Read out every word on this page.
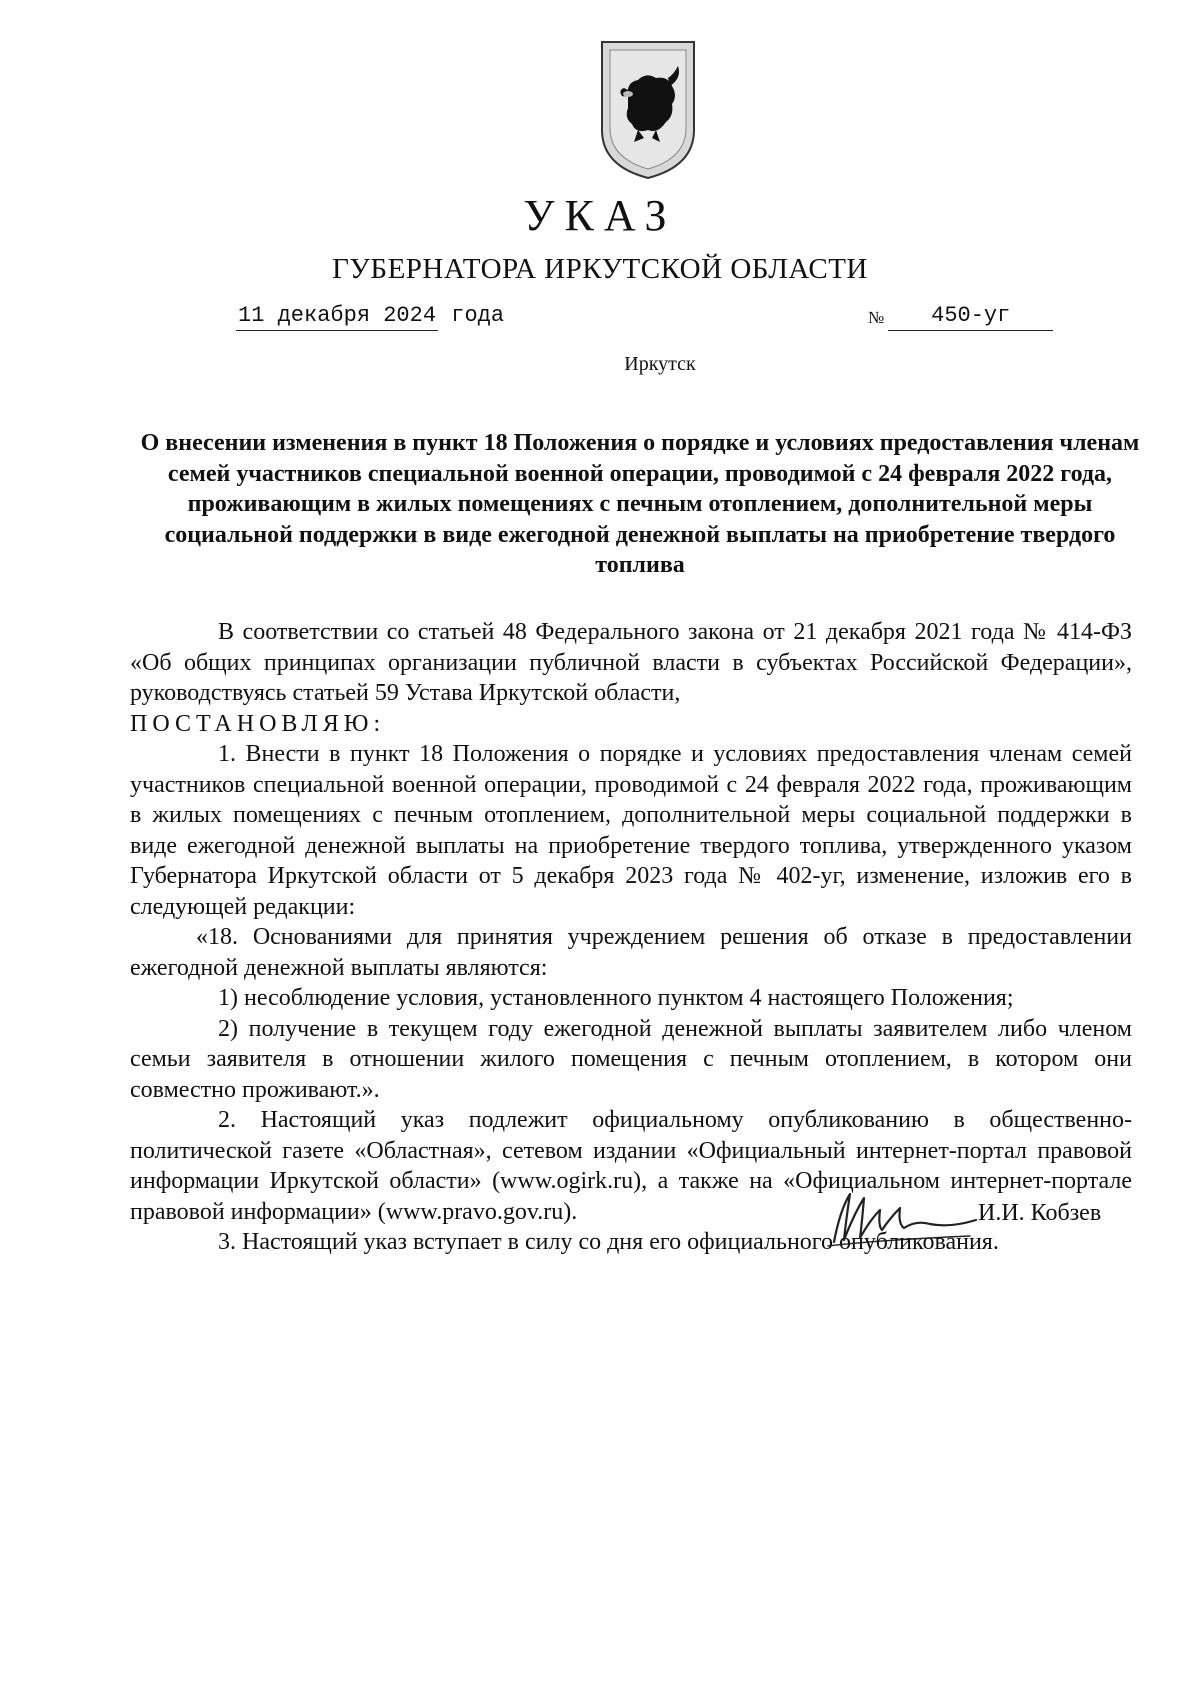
УКАЗ
ГУБЕРНАТОРА ИРКУТСКОЙ ОБЛАСТИ
11 декабря 2024 года	№ 450-уг
Иркутск
О внесении изменения в пункт 18 Положения о порядке и условиях предоставления членам семей участников специальной военной операции, проводимой с 24 февраля 2022 года, проживающим в жилых помещениях с печным отоплением, дополнительной меры социальной поддержки в виде ежегодной денежной выплаты на приобретение твердого топлива

В соответствии со статьей 48 Федерального закона от 21 декабря 2021 года № 414-ФЗ «Об общих принципах организации публичной власти в субъектах Российской Федерации», руководствуясь статьей 59 Устава Иркутской области,

ПОСТАНОВЛЯЮ:

1. Внести в пункт 18 Положения о порядке и условиях предоставления членам семей участников специальной военной операции, проводимой с 24 февраля 2022 года, проживающим в жилых помещениях с печным отоплением, дополнительной меры социальной поддержки в виде ежегодной денежной выплаты на приобретение твердого топлива, утвержденного указом Губернатора Иркутской области от 5 декабря 2023 года № 402-уг, изменение, изложив его в следующей редакции:

«18. Основаниями для принятия учреждением решения об отказе в предоставлении ежегодной денежной выплаты являются:

1) несоблюдение условия, установленного пунктом 4 настоящего Положения;

2) получение в текущем году ежегодной денежной выплаты заявителем либо членом семьи заявителя в отношении жилого помещения с печным отоплением, в котором они совместно проживают.».

2. Настоящий указ подлежит официальному опубликованию в общественно-политической газете «Областная», сетевом издании «Официальный интернет-портал правовой информации Иркутской области» (www.ogirk.ru), а также на «Официальном интернет-портале правовой информации» (www.pravo.gov.ru).

3. Настоящий указ вступает в силу со дня его официального опубликования.

И.И. Кобзев
